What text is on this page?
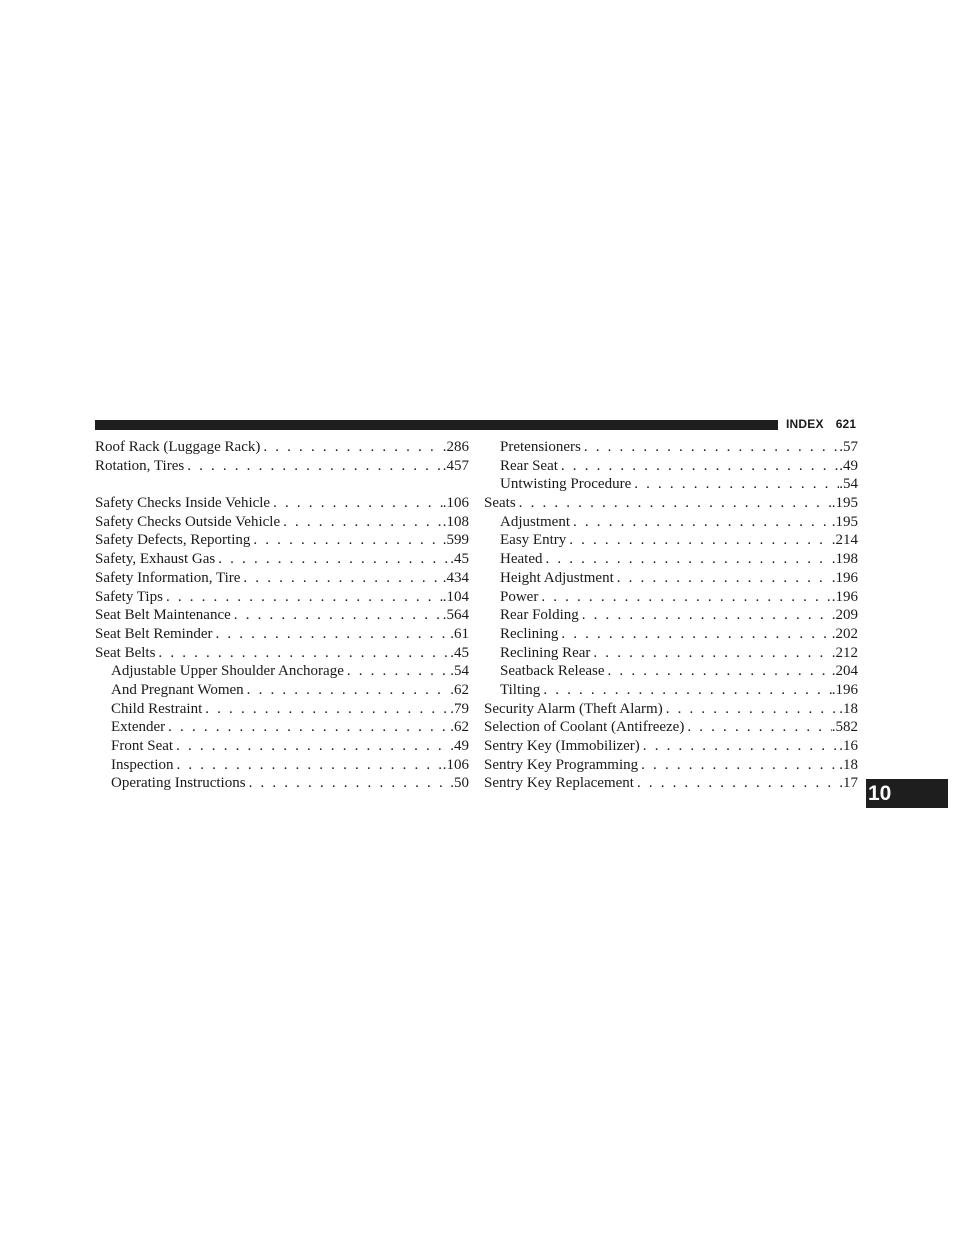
INDEX 621
Roof Rack (Luggage Rack) . . .	.286
Rotation, Tires . . .	.457
Safety Checks Inside Vehicle . . .	.106
Safety Checks Outside Vehicle . . .	.108
Safety Defects, Reporting . . .	.599
Safety, Exhaust Gas . . .	.45
Safety Information, Tire . . .	.434
Safety Tips . . .	.104
Seat Belt Maintenance . . .	.564
Seat Belt Reminder . . .	.61
Seat Belts . . .	.45
Adjustable Upper Shoulder Anchorage . . .	.54
And Pregnant Women . . .	.62
Child Restraint . . .	.79
Extender . . .	.62
Front Seat . . .	.49
Inspection . . .	.106
Operating Instructions . . .	.50
Pretensioners . . .	.57
Rear Seat . . .	.49
Untwisting Procedure . . .	.54
Seats . . .	.195
Adjustment . . .	.195
Easy Entry . . .	.214
Heated . . .	.198
Height Adjustment . . .	.196
Power . . .	.196
Rear Folding . . .	.209
Reclining . . .	.202
Reclining Rear . . .	.212
Seatback Release . . .	.204
Tilting . . .	.196
Security Alarm (Theft Alarm) . . .	.18
Selection of Coolant (Antifreeze) . . .	.582
Sentry Key (Immobilizer) . . .	.16
Sentry Key Programming . . .	.18
Sentry Key Replacement . . .	.17 10
